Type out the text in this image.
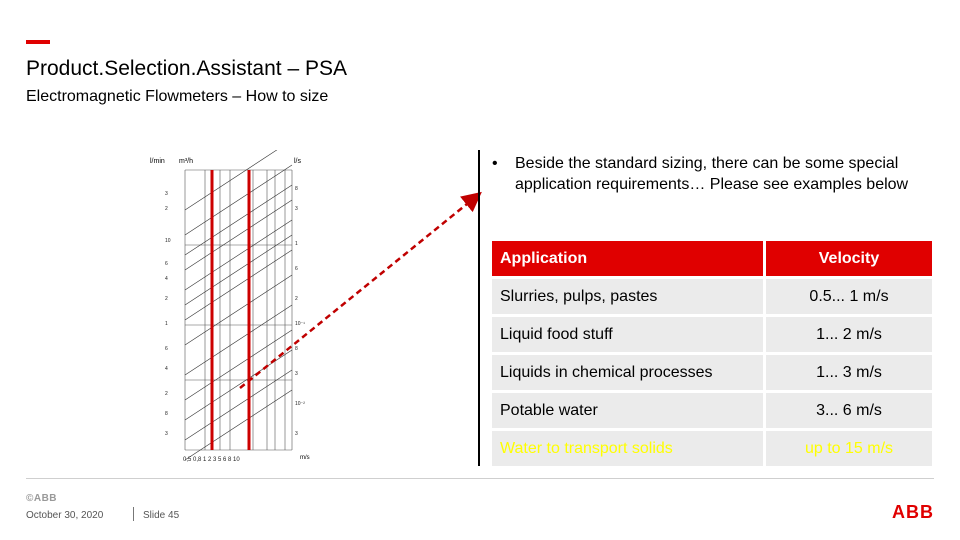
Product.Selection.Assistant – PSA
Electromagnetic Flowmeters – How to size
l/min m³/h	l/s
3
2
10
6
4
2
1
6
4
2
8
3
8
3
1
6
2
10⁻¹
8
3
10⁻²
3
0,5 0,8 1 2 3 5 6 8 10	m/s
• Beside the standard sizing, there can be some special application requirements… Please see examples below
Application	Velocity
Slurries, pulps, pastes	0.5... 1 m/s
Liquid food stuff	1... 2 m/s
Liquids in chemical processes	1... 3 m/s
Potable water	3... 6 m/s
Water to transport solids	up to 15 m/s
©ABB
October 30, 2020	Slide 45	ABB
